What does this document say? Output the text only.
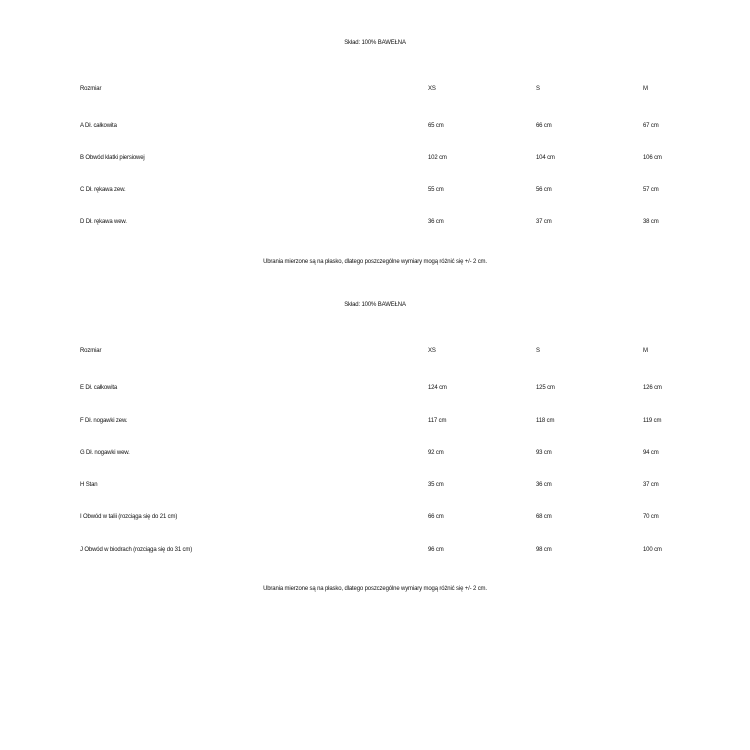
Skład: 100% BAWEŁNA
Rozmiar	XS	S	M
A Dł. całkowita	65 cm	66 cm	67 cm
B Obwód klatki piersiowej	102 cm	104 cm	106 cm
C Dł. rękawa zew.	55 cm	56 cm	57 cm
D Dł. rękawa wew.	36 cm	37 cm	38 cm
Ubrania mierzone są na płasko, dlatego poszczególne wymiary mogą różnić się +/- 2 cm.
Skład: 100% BAWEŁNA
Rozmiar	XS	S	M
E Dł. całkowita	124 cm	125 cm	126 cm
F Dł. nogawki zew.	117 cm	118 cm	119 cm
G Dł. nogawki wew.	92 cm	93 cm	94 cm
H Stan	35 cm	36 cm	37 cm
I Obwód w talii (rozciąga się do 21 cm)	66 cm	68 cm	70 cm
J Obwód w biodrach (rozciąga się do 31 cm)	96 cm	98 cm	100 cm
Ubrania mierzone są na płasko, dlatego poszczególne wymiary mogą różnić się +/- 2 cm.
